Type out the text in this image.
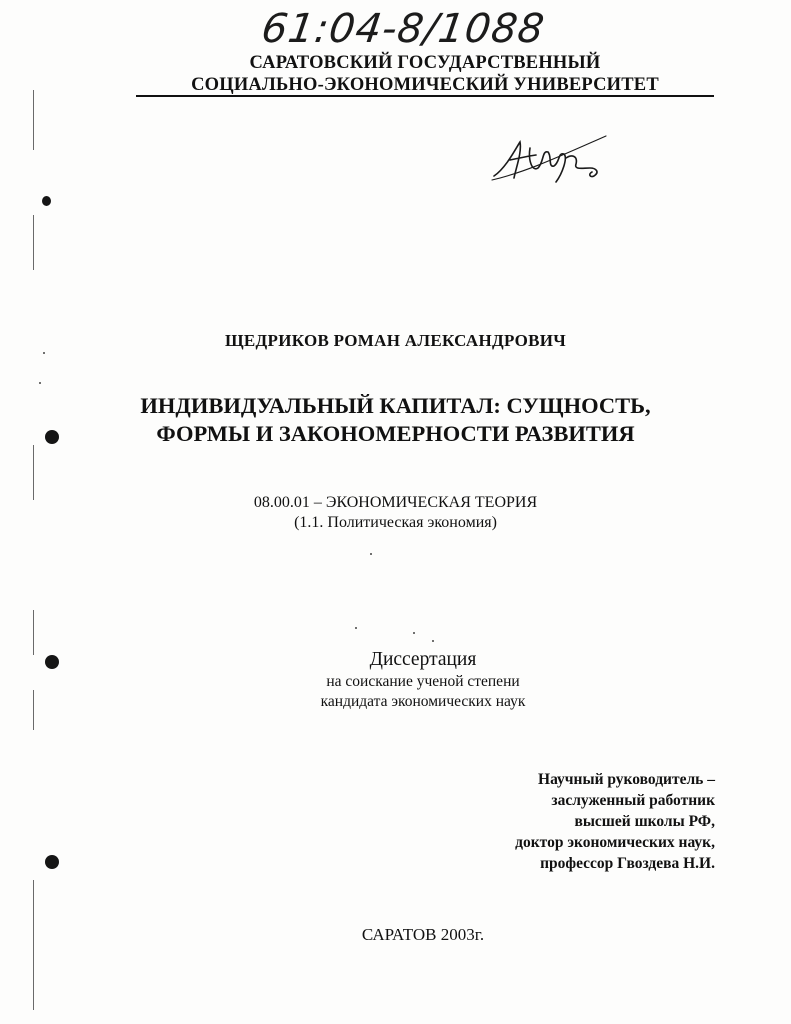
61:04-8/1088
САРАТОВСКИЙ ГОСУДАРСТВЕННЫЙ
СОЦИАЛЬНО-ЭКОНОМИЧЕСКИЙ УНИВЕРСИТЕТ
ЩЕДРИКОВ РОМАН АЛЕКСАНДРОВИЧ
ИНДИВИДУАЛЬНЫЙ КАПИТАЛ: СУЩНОСТЬ,
ФОРМЫ И ЗАКОНОМЕРНОСТИ РАЗВИТИЯ
08.00.01 – ЭКОНОМИЧЕСКАЯ ТЕОРИЯ
(1.1. Политическая экономия)
Диссертация
на соискание ученой степени
кандидата экономических наук
Научный руководитель –
заслуженный работник
высшей школы РФ,
доктор экономических наук,
профессор Гвоздева Н.И.
САРАТОВ 2003г.
